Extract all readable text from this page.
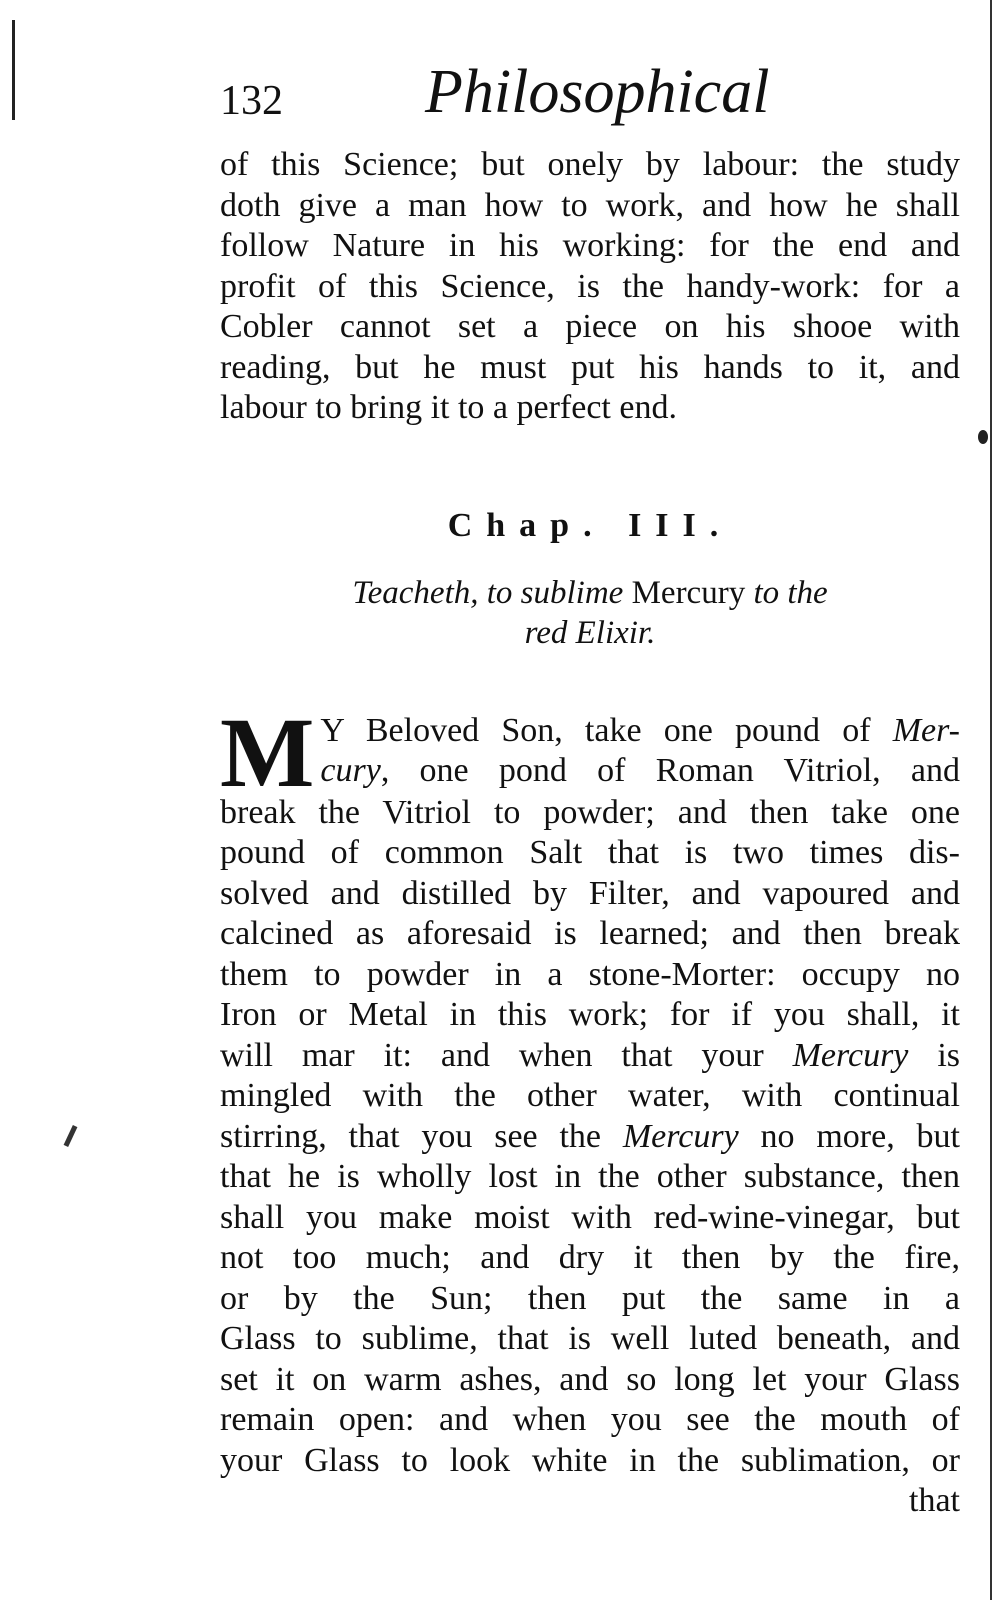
132 Philosophical
of this Science; but onely by labour: the study
doth give a man how to work, and how he shall
follow Nature in his working: for the end and
profit of this Science, is the handy-work: for a
Cobler cannot set a piece on his shooe with
reading, but he must put his hands to it, and
labour to bring it to a perfect end.
Chap. III.
Teacheth, to sublime Mercury to the
red Elixir.
M Y Beloved Son, take one pound of Mer-
cury, one pond of Roman Vitriol, and
break the Vitriol to powder; and then take one
pound of common Salt that is two times dis-
solved and distilled by Filter, and vapoured and
calcined as aforesaid is learned; and then break
them to powder in a stone-Morter: occupy no
Iron or Metal in this work; for if you shall, it
will mar it: and when that your Mercury is
mingled with the other water, with continual
stirring, that you see the Mercury no more, but
that he is wholly lost in the other substance, then
shall you make moist with red-wine-vinegar, but
not too much; and dry it then by the fire,
or by the Sun; then put the same in a
Glass to sublime, that is well luted beneath, and
set it on warm ashes, and so long let your Glass
remain open: and when you see the mouth of
your Glass to look white in the sublimation, or
that
